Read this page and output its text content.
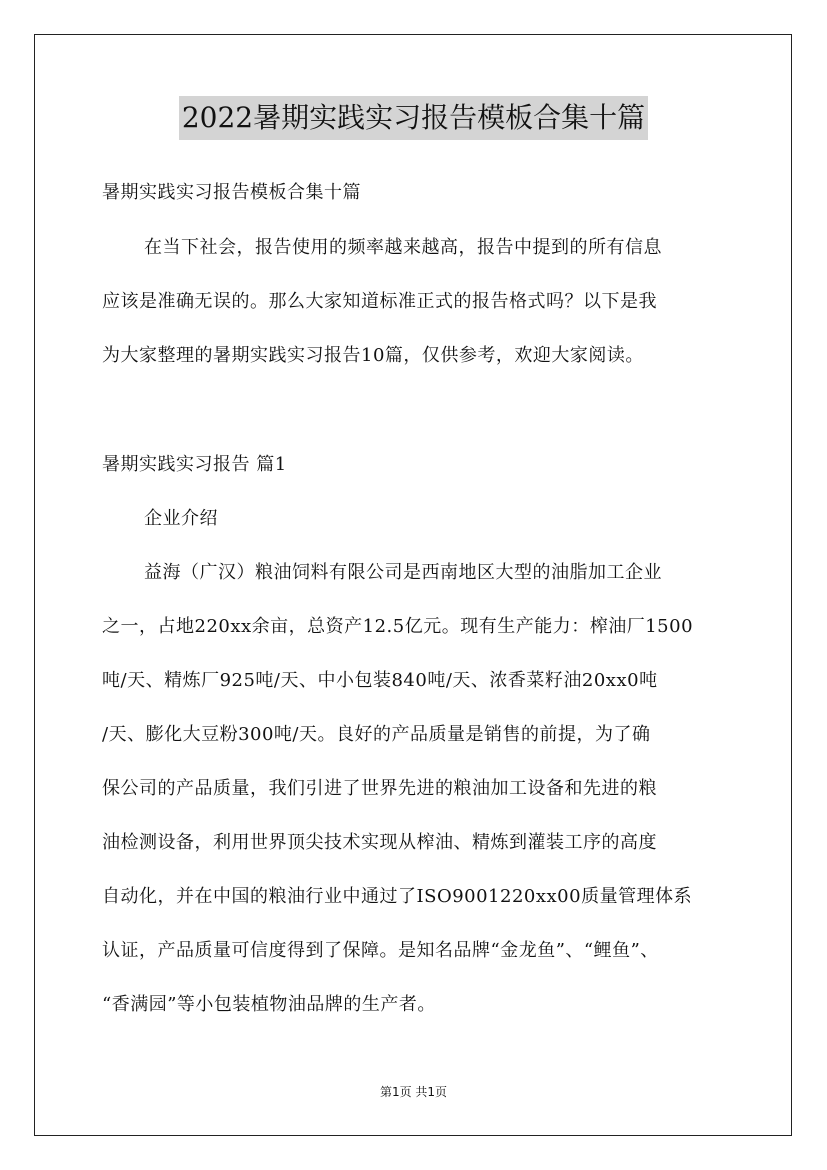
2022暑期实践实习报告模板合集十篇
暑期实践实习报告模板合集十篇
在当下社会，报告使用的频率越来越高，报告中提到的所有信息
应该是准确无误的。那么大家知道标准正式的报告格式吗？以下是我
为大家整理的暑期实践实习报告10篇，仅供参考，欢迎大家阅读。
暑期实践实习报告 篇1
企业介绍
益海（广汉）粮油饲料有限公司是西南地区大型的油脂加工企业
之一，占地220xx余亩，总资产12.5亿元。现有生产能力：榨油厂1500
吨/天、精炼厂925吨/天、中小包装840吨/天、浓香菜籽油20xx0吨
/天、膨化大豆粉300吨/天。良好的产品质量是销售的前提，为了确
保公司的产品质量，我们引进了世界先进的粮油加工设备和先进的粮
油检测设备，利用世界顶尖技术实现从榨油、精炼到灌装工序的高度
自动化，并在中国的粮油行业中通过了ISO9001220xx00质量管理体系
认证，产品质量可信度得到了保障。是知名品牌“金龙鱼”、“鲤鱼”、
“香满园”等小包装植物油品牌的生产者。
第1页 共1页
